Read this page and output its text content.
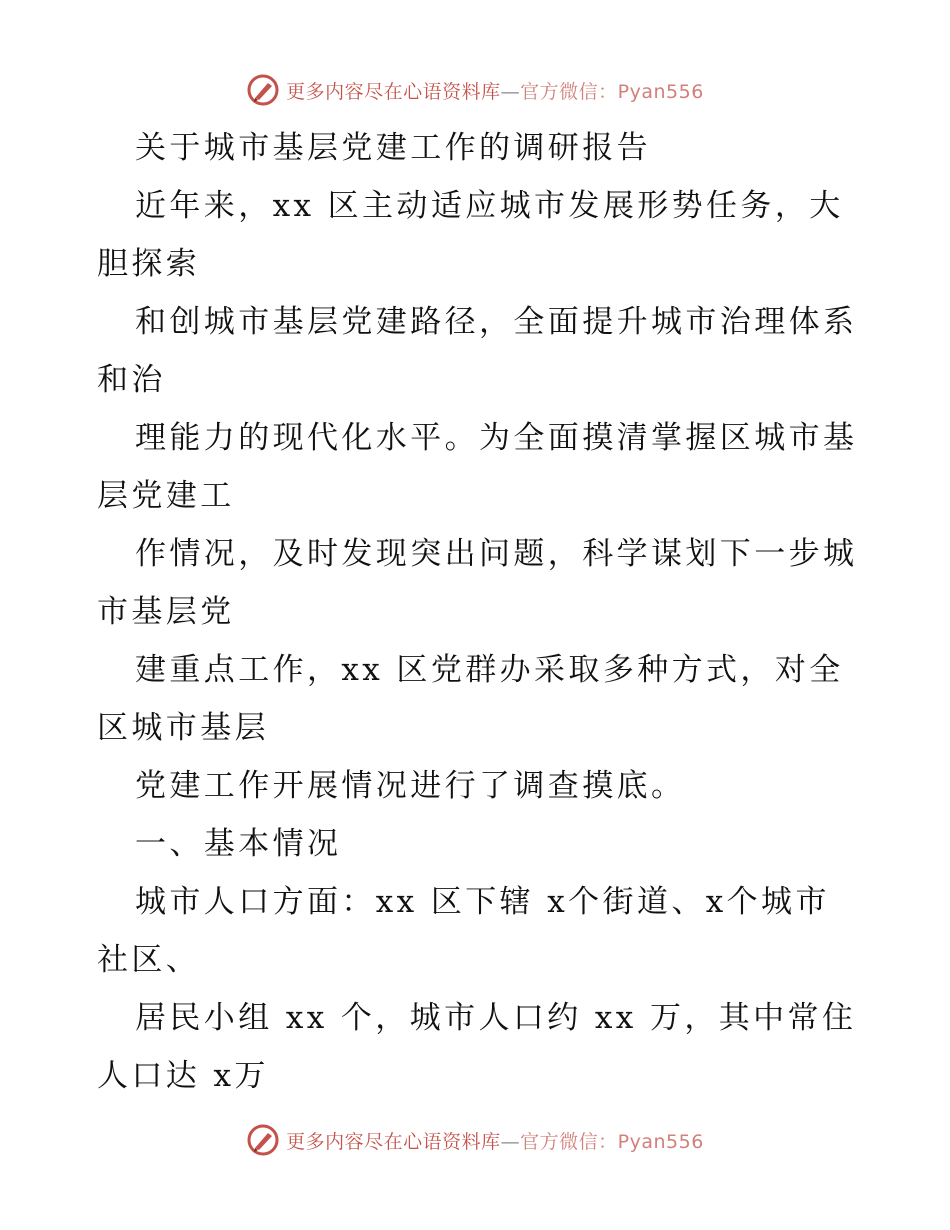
更多内容尽在心语资料库—官方微信：Pyan556
关于城市基层党建工作的调研报告
近年来，xx 区主动适应城市发展形势任务，大
胆探索
和创城市基层党建路径，全面提升城市治理体系
和治
理能力的现代化水平。为全面摸清掌握区城市基
层党建工
作情况，及时发现突出问题，科学谋划下一步城
市基层党
建重点工作，xx 区党群办采取多种方式，对全
区城市基层
党建工作开展情况进行了调查摸底。
一、基本情况
城市人口方面：xx 区下辖 x个街道、x个城市
社区、
居民小组 xx 个，城市人口约 xx 万，其中常住
人口达 x万
更多内容尽在心语资料库—官方微信：Pyan556
